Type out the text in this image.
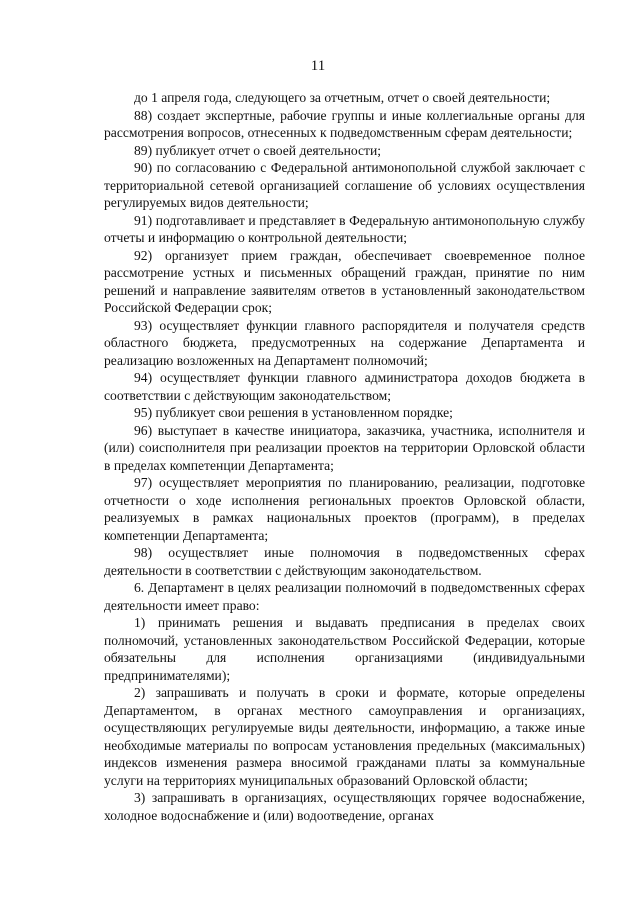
11

до 1 апреля года, следующего за отчетным, отчет о своей деятельности;

88) создает экспертные, рабочие группы и иные коллегиальные органы для рассмотрения вопросов, отнесенных к подведомственным сферам деятельности;

89) публикует отчет о своей деятельности;

90) по согласованию с Федеральной антимонопольной службой заключает с территориальной сетевой организацией соглашение об условиях осуществления регулируемых видов деятельности;

91) подготавливает и представляет в Федеральную антимонопольную службу отчеты и информацию о контрольной деятельности;

92) организует прием граждан, обеспечивает своевременное полное рассмотрение устных и письменных обращений граждан, принятие по ним решений и направление заявителям ответов в установленный законодательством Российской Федерации срок;

93) осуществляет функции главного распорядителя и получателя средств областного бюджета, предусмотренных на содержание Департамента и реализацию возложенных на Департамент полномочий;

94) осуществляет функции главного администратора доходов бюджета в соответствии с действующим законодательством;

95) публикует свои решения в установленном порядке;

96) выступает в качестве инициатора, заказчика, участника, исполнителя и (или) соисполнителя при реализации проектов на территории Орловской области в пределах компетенции Департамента;

97) осуществляет мероприятия по планированию, реализации, подготовке отчетности о ходе исполнения региональных проектов Орловской области, реализуемых в рамках национальных проектов (программ), в пределах компетенции Департамента;

98) осуществляет иные полномочия в подведомственных сферах деятельности в соответствии с действующим законодательством.

6. Департамент в целях реализации полномочий в подведомственных сферах деятельности имеет право:

1) принимать решения и выдавать предписания в пределах своих полномочий, установленных законодательством Российской Федерации, которые обязательны для исполнения организациями (индивидуальными предпринимателями);

2) запрашивать и получать в сроки и формате, которые определены Департаментом, в органах местного самоуправления и организациях, осуществляющих регулируемые виды деятельности, информацию, а также иные необходимые материалы по вопросам установления предельных (максимальных) индексов изменения размера вносимой гражданами платы за коммунальные услуги на территориях муниципальных образований Орловской области;

3) запрашивать в организациях, осуществляющих горячее водоснабжение, холодное водоснабжение и (или) водоотведение, органах
